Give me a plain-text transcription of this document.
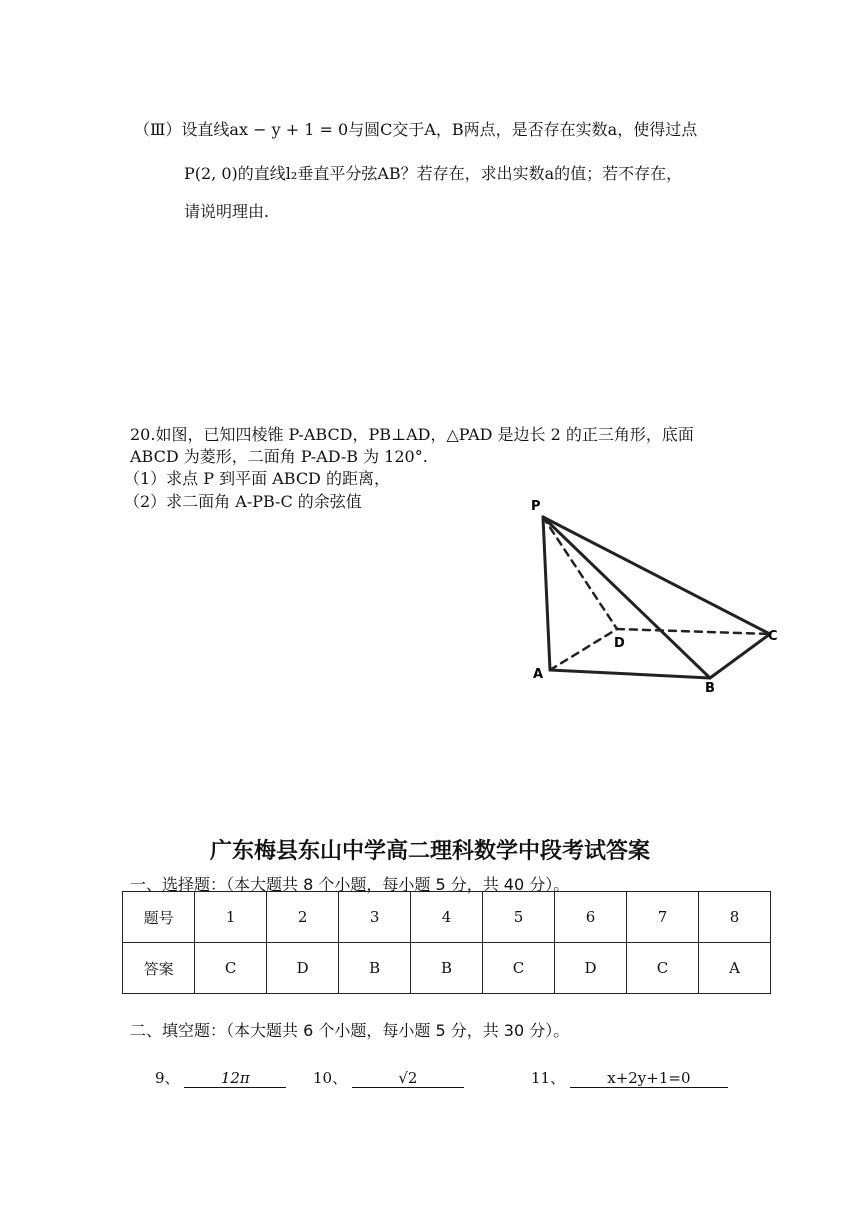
（Ⅲ）设直线ax − y + 1 = 0与圆C交于A，B两点，是否存在实数a，使得过点
P(2, 0)的直线l₂垂直平分弦AB？若存在，求出实数a的值；若不存在，
请说明理由.
20.如图，已知四棱锥 P-ABCD，PB⊥AD，△PAD 是边长 2 的正三角形，底面
ABCD 为菱形，二面角 P-AD-B 为 120°.
（1）求点 P 到平面 ABCD 的距离，
（2）求二面角 A-PB-C 的余弦值	P
A
B
C
D
广东梅县东山中学高二理科数学中段考试答案
一、选择题：（本大题共 8 个小题，每小题 5 分，共 40 分）。
题号	1	2	3	4	5	6	7	8
答案	C	D	B	B	C	D	C	A
二、填空题：（本大题共 6 个小题，每小题 5 分，共 30 分）。
9、	12π	10、	√2	11、	x+2y+1=0
